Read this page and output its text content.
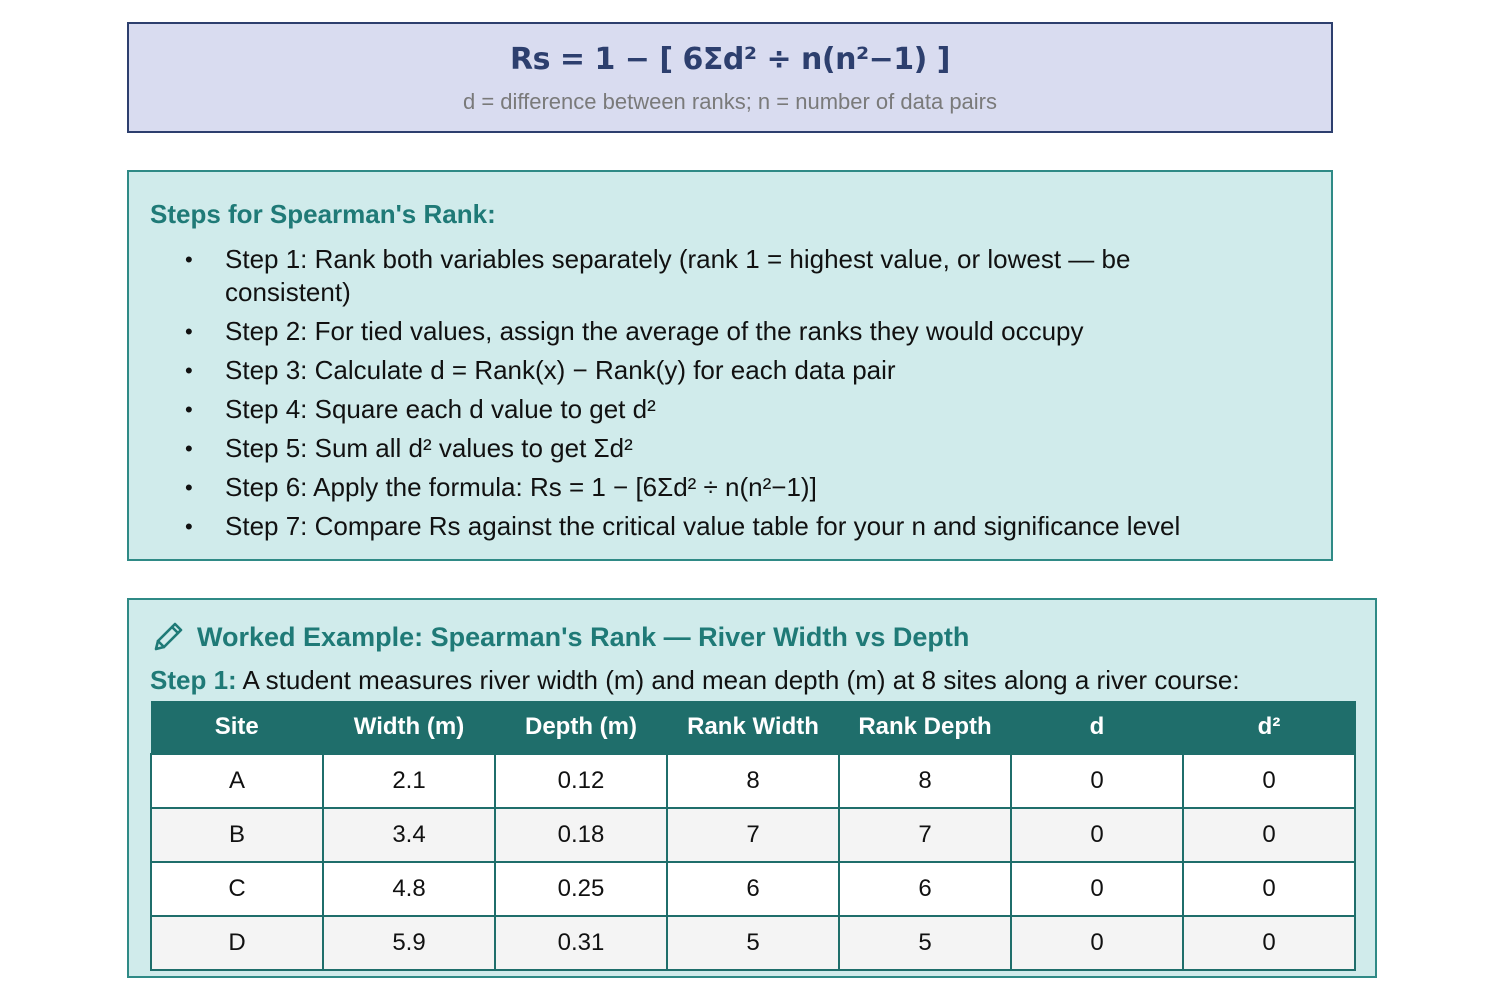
Rs = 1 − [ 6Σd² ÷ n(n²−1) ]
d = difference between ranks; n = number of data pairs
Steps for Spearman's Rank:
• Step 1: Rank both variables separately (rank 1 = highest value, or lowest — be consistent)
• Step 2: For tied values, assign the average of the ranks they would occupy
• Step 3: Calculate d = Rank(x) − Rank(y) for each data pair
• Step 4: Square each d value to get d²
• Step 5: Sum all d² values to get Σd²
• Step 6: Apply the formula: Rs = 1 − [6Σd² ÷ n(n²−1)]
• Step 7: Compare Rs against the critical value table for your n and significance level
Worked Example: Spearman's Rank — River Width vs Depth
Step 1: A student measures river width (m) and mean depth (m) at 8 sites along a river course:
Site	Width (m)	Depth (m)	Rank Width	Rank Depth	d	d²
A	2.1	0.12	8	8	0	0
B	3.4	0.18	7	7	0	0
C	4.8	0.25	6	6	0	0
D	5.9	0.31	5	5	0	0
